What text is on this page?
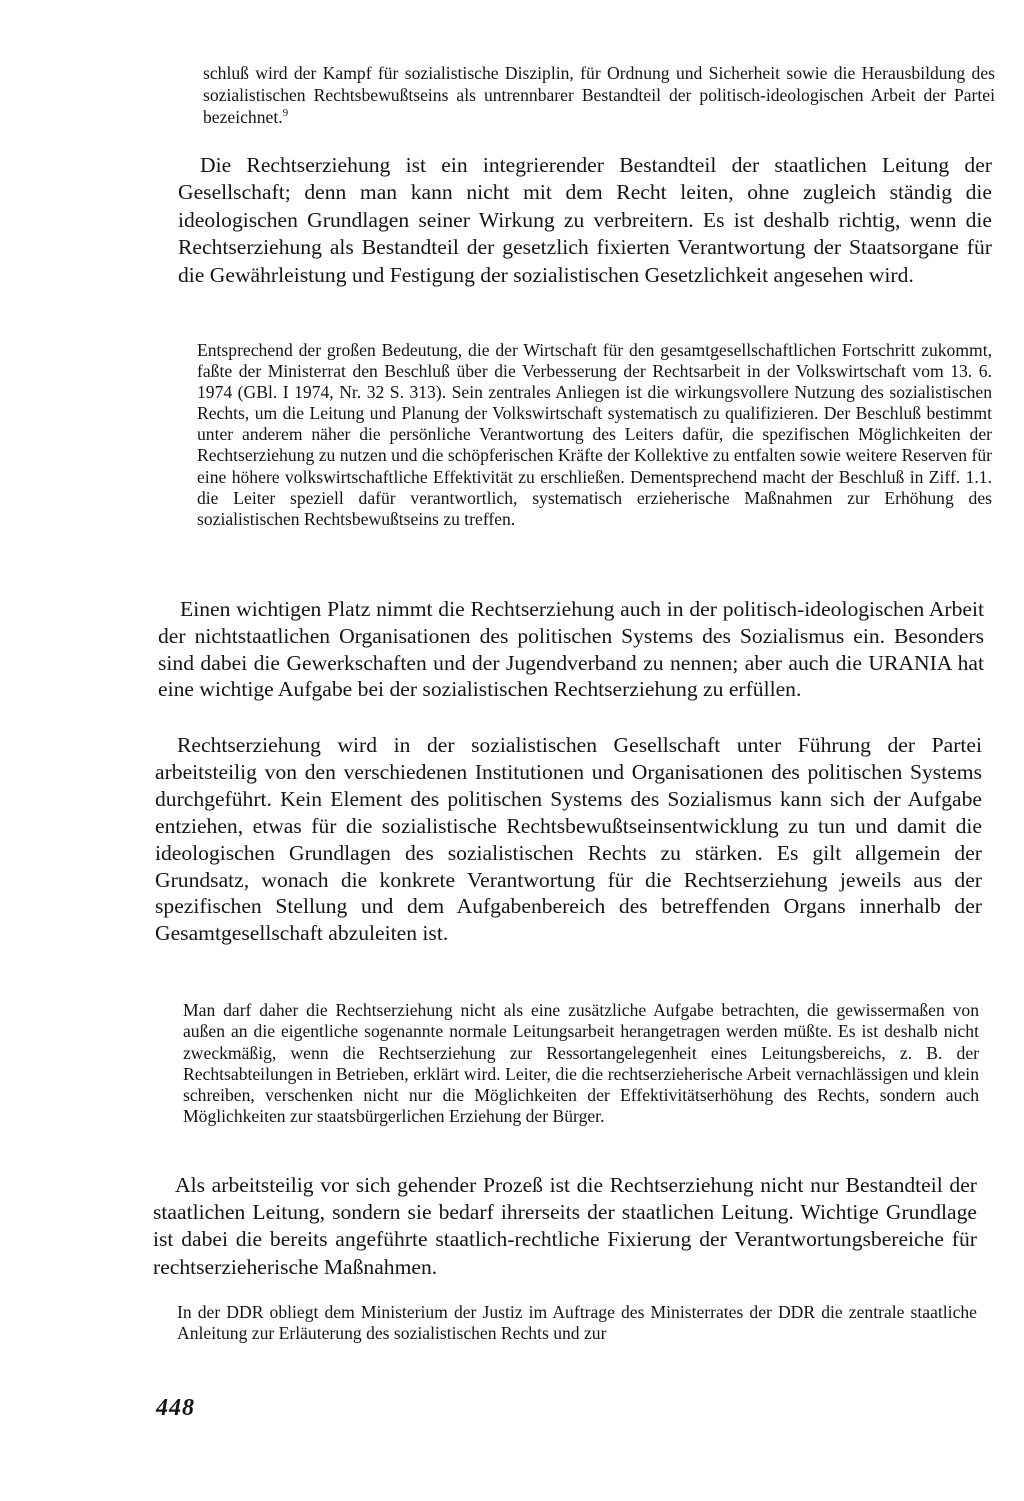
schluß wird der Kampf für sozialistische Disziplin, für Ordnung und Sicherheit sowie die Herausbildung des sozialistischen Rechtsbewußtseins als untrennbarer Bestandteil der politisch-ideologischen Arbeit der Partei bezeichnet.$^9$

Die Rechtserziehung ist ein integrierender Bestandteil der staatlichen Leitung der Gesellschaft; denn man kann nicht mit dem Recht leiten, ohne zugleich ständig die ideologischen Grundlagen seiner Wirkung zu verbreitern. Es ist deshalb richtig, wenn die Rechtserziehung als Bestandteil der gesetzlich fixierten Verantwortung der Staatsorgane für die Gewährleistung und Festigung der sozialistischen Gesetzlichkeit angesehen wird.

Entsprechend der großen Bedeutung, die der Wirtschaft für den gesamtgesellschaftlichen Fortschritt zukommt, faßte der Ministerrat den Beschluß über die Verbesserung der Rechtsarbeit in der Volkswirtschaft vom 13. 6. 1974 (GBl. I 1974, Nr. 32 S. 313). Sein zentrales Anliegen ist die wirkungsvollere Nutzung des sozialistischen Rechts, um die Leitung und Planung der Volkswirtschaft systematisch zu qualifizieren. Der Beschluß bestimmt unter anderem näher die persönliche Verantwortung des Leiters dafür, die spezifischen Möglichkeiten der Rechtserziehung zu nutzen und die schöpferischen Kräfte der Kollektive zu entfalten sowie weitere Reserven für eine höhere volkswirtschaftliche Effektivität zu erschließen. Dementsprechend macht der Beschluß in Ziff. 1.1. die Leiter speziell dafür verantwortlich, systematisch erzieherische Maßnahmen zur Erhöhung des sozialistischen Rechtsbewußtseins zu treffen.

Einen wichtigen Platz nimmt die Rechtserziehung auch in der politisch-ideologischen Arbeit der nichtstaatlichen Organisationen des politischen Systems des Sozialismus ein. Besonders sind dabei die Gewerkschaften und der Jugendverband zu nennen; aber auch die URANIA hat eine wichtige Aufgabe bei der sozialistischen Rechtserziehung zu erfüllen.

Rechtserziehung wird in der sozialistischen Gesellschaft unter Führung der Partei arbeitsteilig von den verschiedenen Institutionen und Organisationen des politischen Systems durchgeführt. Kein Element des politischen Systems des Sozialismus kann sich der Aufgabe entziehen, etwas für die sozialistische Rechtsbewußtseinsentwicklung zu tun und damit die ideologischen Grundlagen des sozialistischen Rechts zu stärken. Es gilt allgemein der Grundsatz, wonach die konkrete Verantwortung für die Rechtserziehung jeweils aus der spezifischen Stellung und dem Aufgabenbereich des betreffenden Organs innerhalb der Gesamtgesellschaft abzuleiten ist.

Man darf daher die Rechtserziehung nicht als eine zusätzliche Aufgabe betrachten, die gewissermaßen von außen an die eigentliche sogenannte normale Leitungsarbeit herangetragen werden müßte. Es ist deshalb nicht zweckmäßig, wenn die Rechtserziehung zur Ressortangelegenheit eines Leitungsbereichs, z. B. der Rechtsabteilungen in Betrieben, erklärt wird. Leiter, die die rechtserzieherische Arbeit vernachlässigen und klein schreiben, verschenken nicht nur die Möglichkeiten der Effektivitätserhöhung des Rechts, sondern auch Möglichkeiten zur staatsbürgerlichen Erziehung der Bürger.

Als arbeitsteilig vor sich gehender Prozeß ist die Rechtserziehung nicht nur Bestandteil der staatlichen Leitung, sondern sie bedarf ihrerseits der staatlichen Leitung. Wichtige Grundlage ist dabei die bereits angeführte staatlich-rechtliche Fixierung der Verantwortungsbereiche für rechtserzieherische Maßnahmen.

In der DDR obliegt dem Ministerium der Justiz im Auftrage des Ministerrates der DDR die zentrale staatliche Anleitung zur Erläuterung des sozialistischen Rechts und zur

448
